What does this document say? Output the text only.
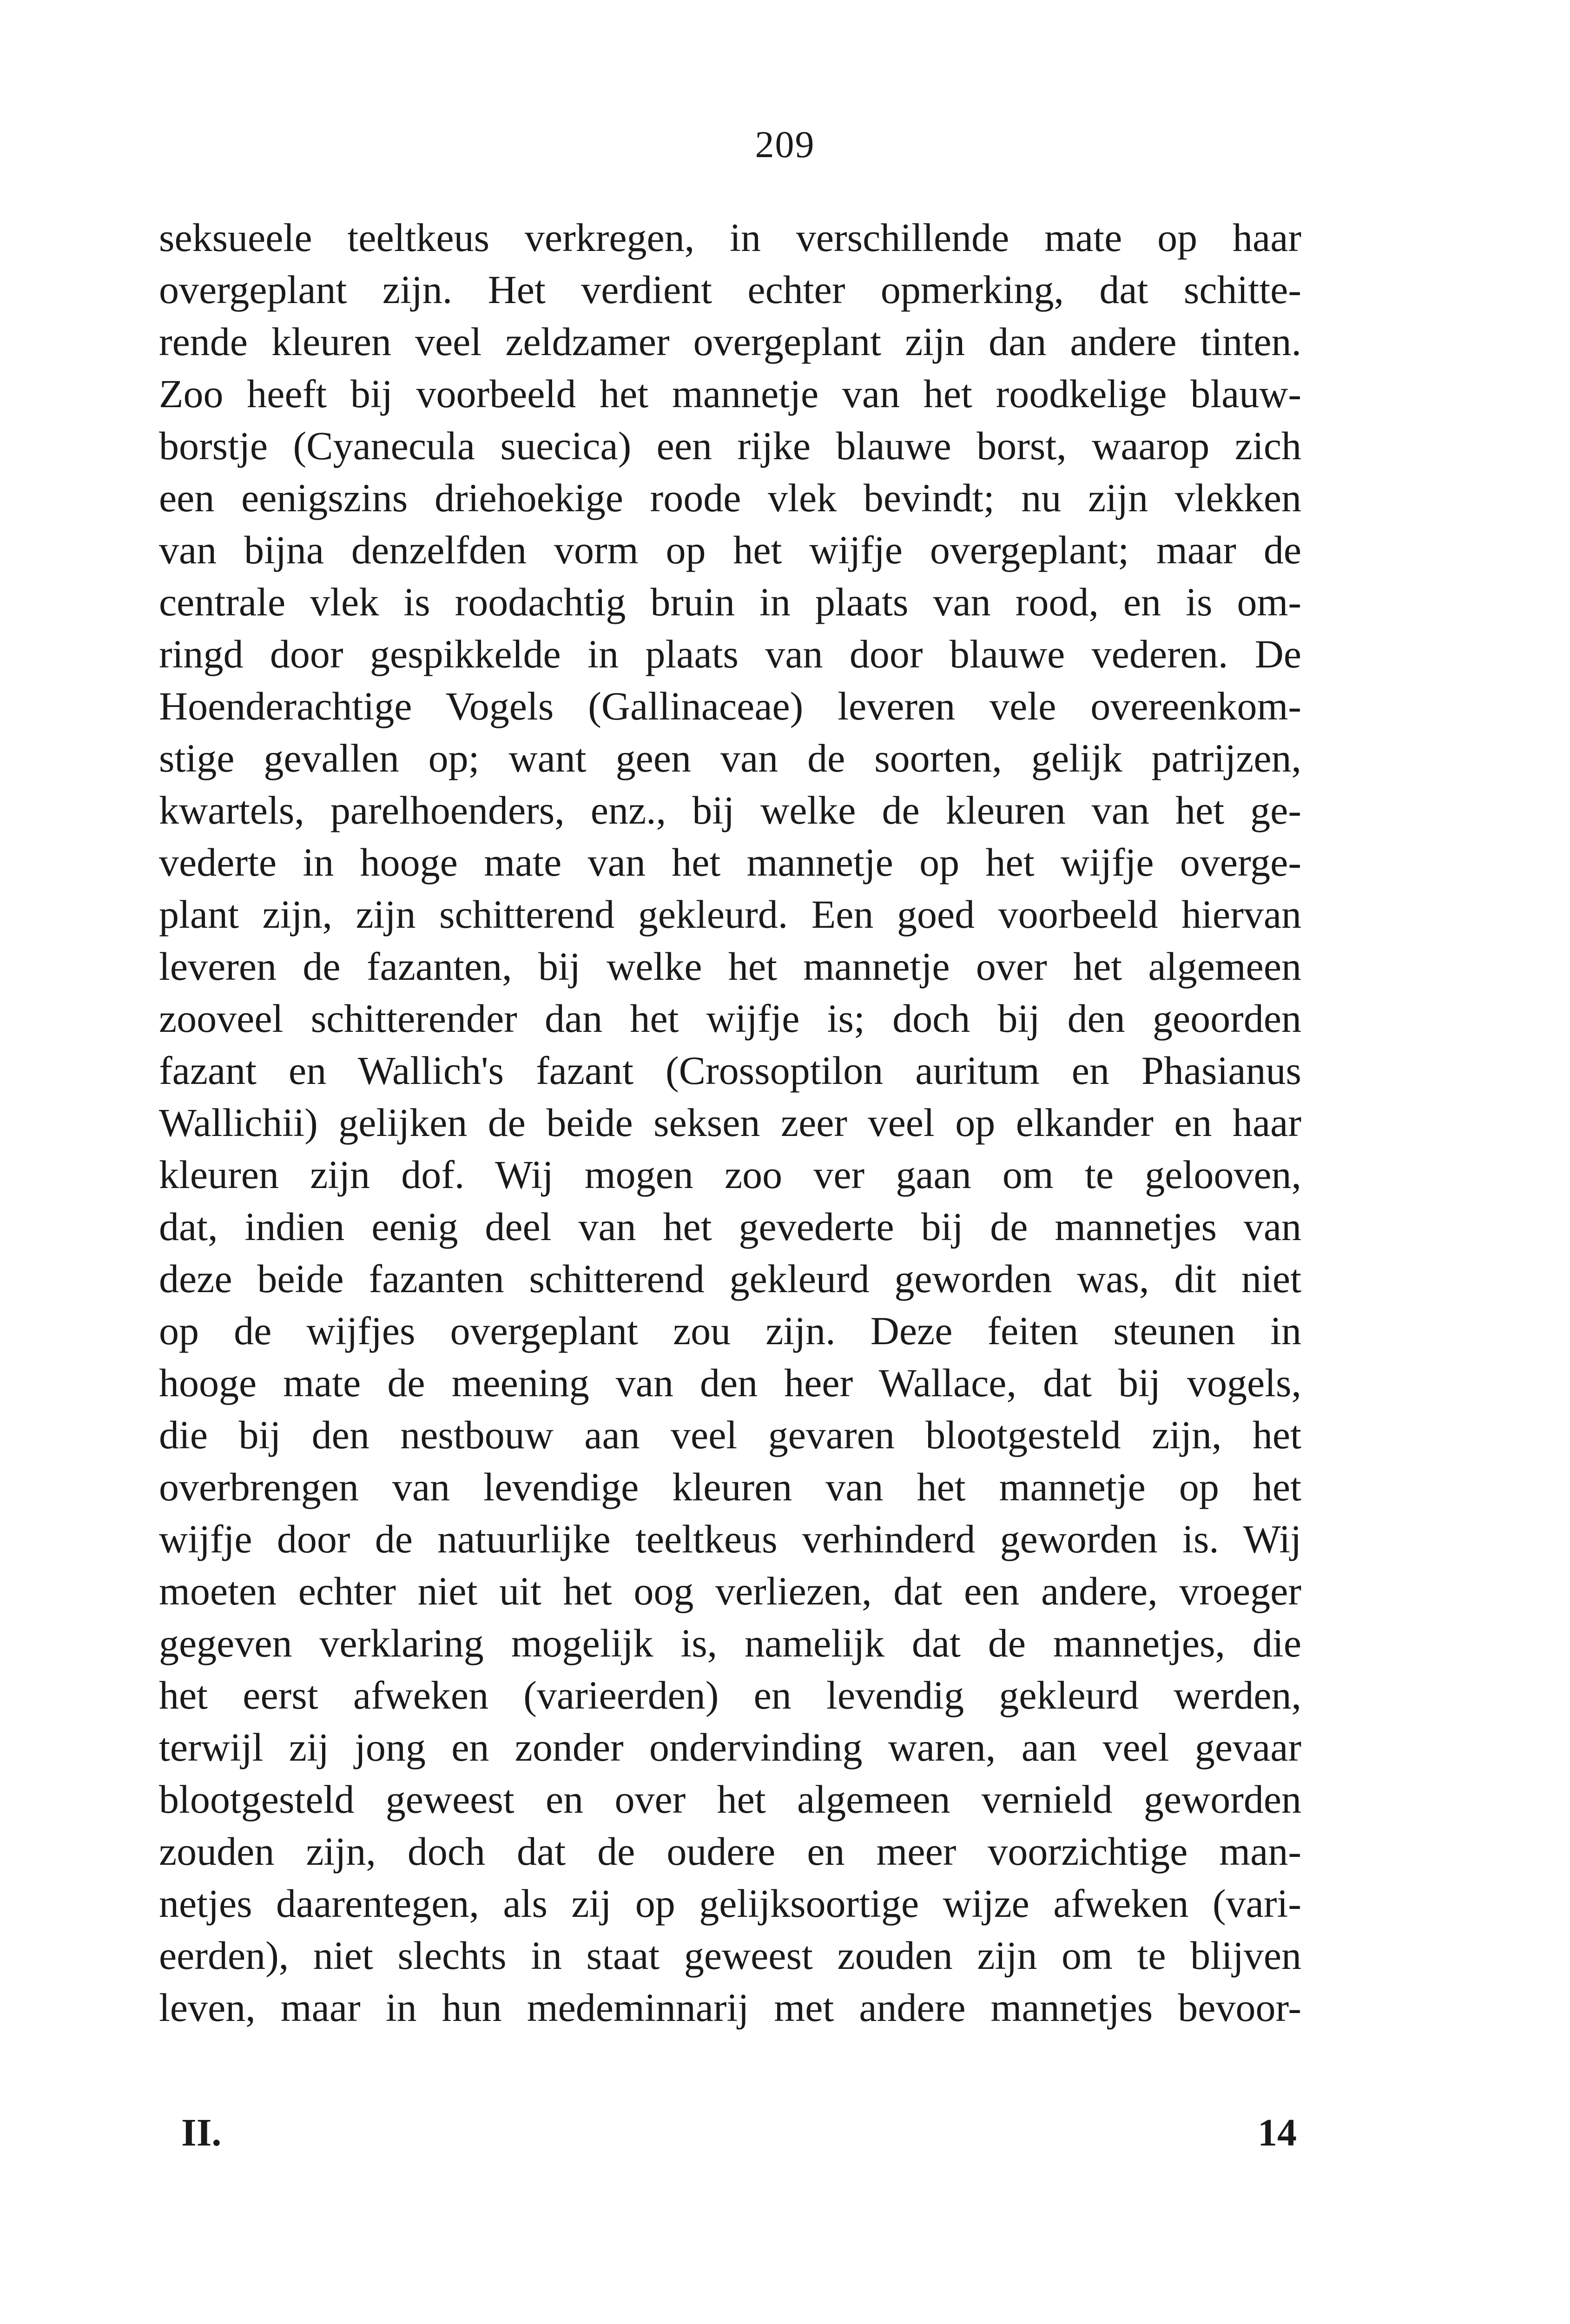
209
seksueele teeltkeus verkregen, in verschillende mate op haar
overgeplant zijn. Het verdient echter opmerking, dat schitte-
rende kleuren veel zeldzamer overgeplant zijn dan andere tinten.
Zoo heeft bij voorbeeld het mannetje van het roodkelige blauw-
borstje (Cyanecula suecica) een rijke blauwe borst, waarop zich
een eenigszins driehoekige roode vlek bevindt; nu zijn vlekken
van bijna denzelfden vorm op het wijfje overgeplant; maar de
centrale vlek is roodachtig bruin in plaats van rood, en is om-
ringd door gespikkelde in plaats van door blauwe vederen. De
Hoenderachtige Vogels (Gallinaceae) leveren vele overeenkom-
stige gevallen op; want geen van de soorten, gelijk patrijzen,
kwartels, parelhoenders, enz., bij welke de kleuren van het ge-
vederte in hooge mate van het mannetje op het wijfje overge-
plant zijn, zijn schitterend gekleurd. Een goed voorbeeld hiervan
leveren de fazanten, bij welke het mannetje over het algemeen
zooveel schitterender dan het wijfje is; doch bij den geoorden
fazant en Wallich's fazant (Crossoptilon auritum en Phasianus
Wallichii) gelijken de beide seksen zeer veel op elkander en haar
kleuren zijn dof. Wij mogen zoo ver gaan om te gelooven,
dat, indien eenig deel van het gevederte bij de mannetjes van
deze beide fazanten schitterend gekleurd geworden was, dit niet
op de wijfjes overgeplant zou zijn. Deze feiten steunen in
hooge mate de meening van den heer Wallace, dat bij vogels,
die bij den nestbouw aan veel gevaren blootgesteld zijn, het
overbrengen van levendige kleuren van het mannetje op het
wijfje door de natuurlijke teeltkeus verhinderd geworden is. Wij
moeten echter niet uit het oog verliezen, dat een andere, vroeger
gegeven verklaring mogelijk is, namelijk dat de mannetjes, die
het eerst afweken (varieerden) en levendig gekleurd werden,
terwijl zij jong en zonder ondervinding waren, aan veel gevaar
blootgesteld geweest en over het algemeen vernield geworden
zouden zijn, doch dat de oudere en meer voorzichtige man-
netjes daarentegen, als zij op gelijksoortige wijze afweken (vari-
eerden), niet slechts in staat geweest zouden zijn om te blijven
leven, maar in hun medeminnarij met andere mannetjes bevoor-
II.	14
